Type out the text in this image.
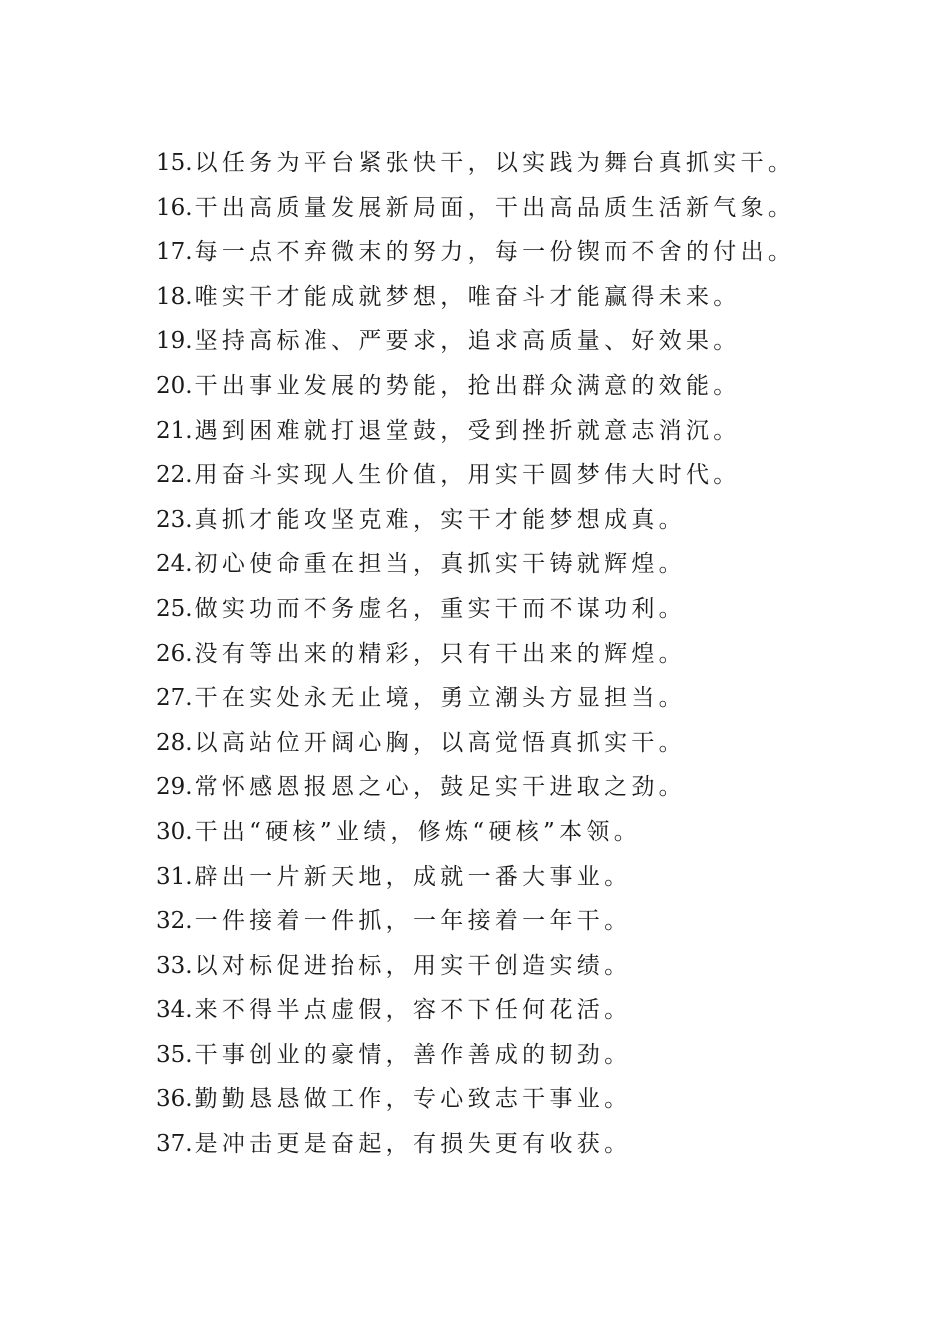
15.以任务为平台紧张快干，以实践为舞台真抓实干。
16.干出高质量发展新局面，干出高品质生活新气象。
17.每一点不弃微末的努力，每一份锲而不舍的付出。
18.唯实干才能成就梦想，唯奋斗才能赢得未来。
19.坚持高标准、严要求，追求高质量、好效果。
20.干出事业发展的势能，抢出群众满意的效能。
21.遇到困难就打退堂鼓，受到挫折就意志消沉。
22.用奋斗实现人生价值，用实干圆梦伟大时代。
23.真抓才能攻坚克难，实干才能梦想成真。
24.初心使命重在担当，真抓实干铸就辉煌。
25.做实功而不务虚名，重实干而不谋功利。
26.没有等出来的精彩，只有干出来的辉煌。
27.干在实处永无止境，勇立潮头方显担当。
28.以高站位开阔心胸，以高觉悟真抓实干。
29.常怀感恩报恩之心，鼓足实干进取之劲。
30.干出“硬核”业绩，修炼“硬核”本领。
31.辟出一片新天地，成就一番大事业。
32.一件接着一件抓，一年接着一年干。
33.以对标促进抬标，用实干创造实绩。
34.来不得半点虚假，容不下任何花活。
35.干事创业的豪情，善作善成的韧劲。
36.勤勤恳恳做工作，专心致志干事业。
37.是冲击更是奋起，有损失更有收获。
